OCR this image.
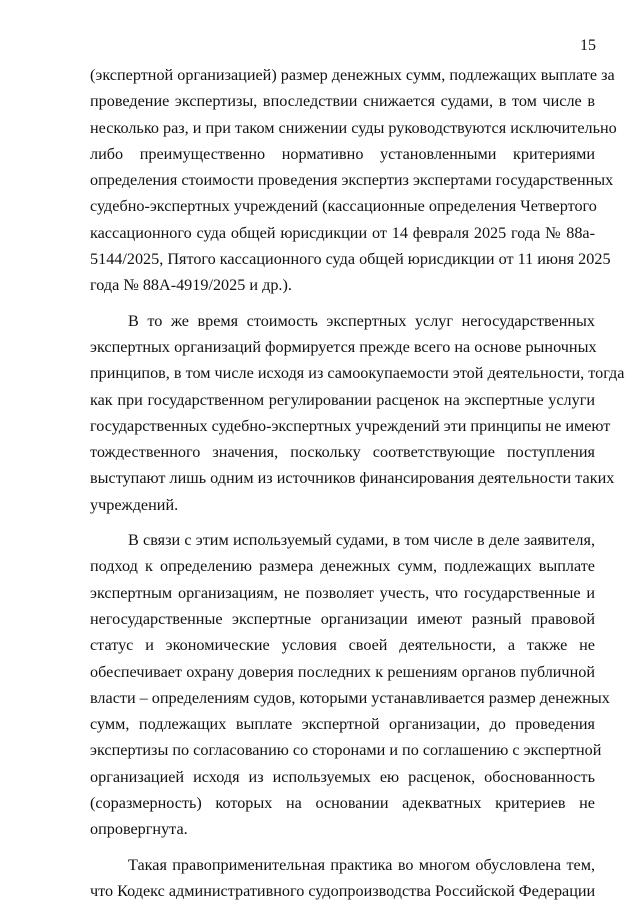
15

(экспертной организацией) размер денежных сумм, подлежащих выплате за
проведение экспертизы, впоследствии снижается судами, в том числе в
несколько раз, и при таком снижении суды руководствуются исключительно
либо преимущественно нормативно установленными критериями
определения стоимости проведения экспертиз экспертами государственных
судебно-экспертных учреждений (кассационные определения Четвертого
кассационного суда общей юрисдикции от 14 февраля 2025 года № 88а-
5144/2025, Пятого кассационного суда общей юрисдикции от 11 июня 2025
года № 88А-4919/2025 и др.).

В то же время стоимость экспертных услуг негосударственных
экспертных организаций формируется прежде всего на основе рыночных
принципов, в том числе исходя из самоокупаемости этой деятельности, тогда
как при государственном регулировании расценок на экспертные услуги
государственных судебно-экспертных учреждений эти принципы не имеют
тождественного значения, поскольку соответствующие поступления
выступают лишь одним из источников финансирования деятельности таких
учреждений.

В связи с этим используемый судами, в том числе в деле заявителя,
подход к определению размера денежных сумм, подлежащих выплате
экспертным организациям, не позволяет учесть, что государственные и
негосударственные экспертные организации имеют разный правовой
статус и экономические условия своей деятельности, а также не
обеспечивает охрану доверия последних к решениям органов публичной
власти – определениям судов, которыми устанавливается размер денежных
сумм, подлежащих выплате экспертной организации, до проведения
экспертизы по согласованию со сторонами и по соглашению с экспертной
организацией исходя из используемых ею расценок, обоснованность
(соразмерность) которых на основании адекватных критериев не
опровергнута.

Такая правоприменительная практика во многом обусловлена тем,
что Кодекс административного судопроизводства Российской Федерации
